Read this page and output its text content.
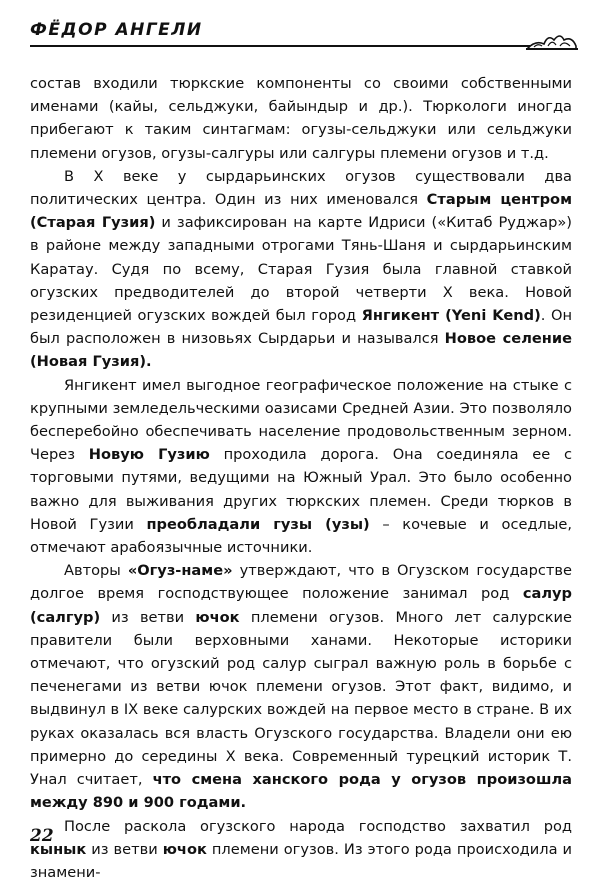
ФЁДОР АНГЕЛИ

состав входили тюркские компоненты со своими собственными именами (кайы, сельджуки, байындыр и др.). Тюркологи иногда прибегают к таким синтагмам: огузы-сельджуки или сельджуки племени огузов, огузы-салгуры или салгуры племени огузов и т.д.

В X веке у сырдарьинских огузов существовали два политических центра. Один из них именовался Старым центром (Старая Гузия) и зафиксирован на карте Идриси («Китаб Руджар») в районе между западными отрогами Тянь-Шаня и сырдарьинским Каратау. Судя по всему, Старая Гузия была главной ставкой огузских предводителей до второй четверти X века. Новой резиденцией огузских вождей был город Янгикент (Yeni Kend). Он был расположен в низовьях Сырдарьи и назывался Новое селение (Новая Гузия).

Янгикент имел выгодное географическое положение на стыке с крупными земледельческими оазисами Средней Азии. Это позволяло бесперебойно обеспечивать население продовольственным зерном. Через Новую Гузию проходила дорога. Она соединяла ее с торговыми путями, ведущими на Южный Урал. Это было особенно важно для выживания других тюркских племен. Среди тюрков в Новой Гузии преобладали гузы (узы) – кочевые и оседлые, отмечают арабоязычные источники.

Авторы «Огуз-наме» утверждают, что в Огузском государстве долгое время господствующее положение занимал род салур (салгур) из ветви ючок племени огузов. Много лет салурские правители были верховными ханами. Некоторые историки отмечают, что огузский род салур сыграл важную роль в борьбе с печенегами из ветви ючок племени огузов. Этот факт, видимо, и выдвинул в IX веке салурских вождей на первое место в стране. В их руках оказалась вся власть Огузского государства. Владели они ею примерно до середины X века. Современный турецкий историк Т. Унал считает, что смена ханского рода у огузов произошла между 890 и 900 годами.

После раскола огузского народа господство захватил род кынык из ветви ючок племени огузов. Из этого рода происходила и знамени-

22
